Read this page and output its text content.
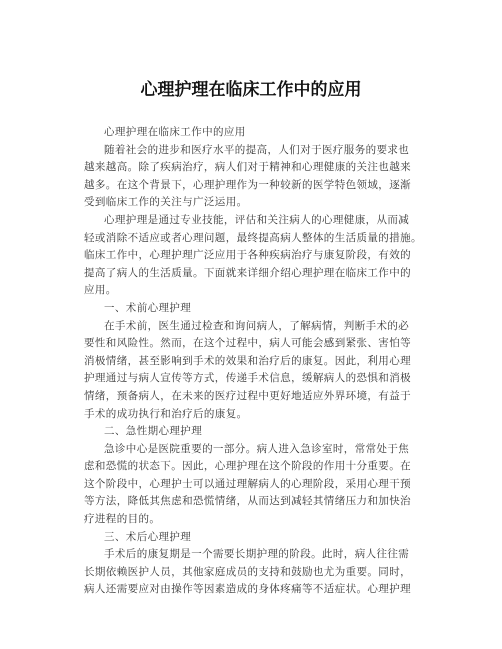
心理护理在临床工作中的应用
心理护理在临床工作中的应用
随着社会的进步和医疗水平的提高，人们对于医疗服务的要求也
越来越高。除了疾病治疗，病人们对于精神和心理健康的关注也越来
越多。在这个背景下，心理护理作为一种较新的医学特色领域，逐渐
受到临床工作的关注与广泛运用。
心理护理是通过专业技能，评估和关注病人的心理健康，从而减
轻或消除不适应或者心理问题，最终提高病人整体的生活质量的措施。
临床工作中，心理护理广泛应用于各种疾病治疗与康复阶段，有效的
提高了病人的生活质量。下面就来详细介绍心理护理在临床工作中的
应用。
一、术前心理护理
在手术前，医生通过检查和询问病人，了解病情，判断手术的必
要性和风险性。然而，在这个过程中，病人可能会感到紧张、害怕等
消极情绪，甚至影响到手术的效果和治疗后的康复。因此，利用心理
护理通过与病人宣传等方式，传递手术信息，缓解病人的恐惧和消极
情绪，预备病人，在未来的医疗过程中更好地适应外界环境，有益于
手术的成功执行和治疗后的康复。
二、急性期心理护理
急诊中心是医院重要的一部分。病人进入急诊室时，常常处于焦
虑和恐慌的状态下。因此，心理护理在这个阶段的作用十分重要。在
这个阶段中，心理护士可以通过理解病人的心理阶段，采用心理干预
等方法，降低其焦虑和恐慌情绪，从而达到减轻其情绪压力和加快治
疗进程的目的。
三、术后心理护理
手术后的康复期是一个需要长期护理的阶段。此时，病人往往需
长期依赖医护人员，其他家庭成员的支持和鼓励也尤为重要。同时，
病人还需要应对由操作等因素造成的身体疼痛等不适症状。心理护理
